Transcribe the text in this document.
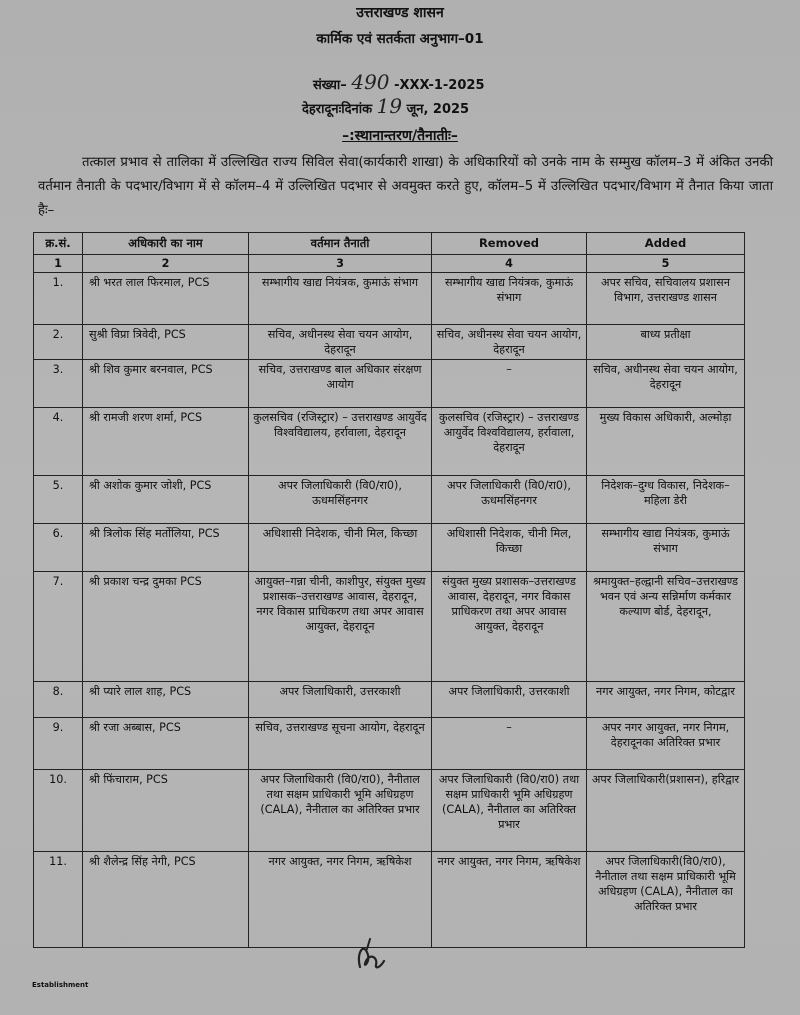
उत्तराखण्ड शासन
कार्मिक एवं सतर्कता अनुभाग–01
संख्या– 490 -XXX-1-2025
देहरादूनःदिनांक 19 जून, 2025
–:स्थानान्तरण/तैनातीः–
तत्काल प्रभाव से तालिका में उल्लिखित राज्य सिविल सेवा(कार्यकारी शाखा) के अधिकारियों को उनके नाम के सम्मुख कॉलम–3 में अंकित उनकी वर्तमान तैनाती के पदभार/विभाग में से कॉलम–4 में उल्लिखित पदभार से अवमुक्त करते हुए, कॉलम–5 में उल्लिखित पदभार/विभाग में तैनात किया जाता हैः–
क्र.सं.	अधिकारी का नाम	वर्तमान तैनाती	Removed	Added
1	2	3	4	5
1.	श्री भरत लाल फिरमाल, PCS	सम्भागीय खाद्य नियंत्रक, कुमाऊं संभाग	सम्भागीय खाद्य नियंत्रक, कुमाऊं संभाग	अपर सचिव, सचिवालय प्रशासन विभाग, उत्तराखण्ड शासन
2.	सुश्री विप्रा त्रिवेदी, PCS	सचिव, अधीनस्थ सेवा चयन आयोग, देहरादून	सचिव, अधीनस्थ सेवा चयन आयोग, देहरादून	बाध्य प्रतीक्षा
3.	श्री शिव कुमार बरनवाल, PCS	सचिव, उत्तराखण्ड बाल अधिकार संरक्षण आयोग	–	सचिव, अधीनस्थ सेवा चयन आयोग, देहरादून
4.	श्री रामजी शरण शर्मा, PCS	कुलसचिव (रजिस्ट्रार) – उत्तराखण्ड आयुर्वेद विश्वविद्यालय, हर्रावाला, देहरादून	कुलसचिव (रजिस्ट्रार) – उत्तराखण्ड आयुर्वेद विश्वविद्यालय, हर्रावाला, देहरादून	मुख्य विकास अधिकारी, अल्मोड़ा
5.	श्री अशोक कुमार जोशी, PCS	अपर जिलाधिकारी (वि0/रा0), ऊधमसिंहनगर	अपर जिलाधिकारी (वि0/रा0), ऊधमसिंहनगर	निदेशक–दुग्ध विकास, निदेशक–महिला डेरी
6.	श्री त्रिलोक सिंह मर्तोलिया, PCS	अधिशासी निदेशक, चीनी मिल, किच्छा	अधिशासी निदेशक, चीनी मिल, किच्छा	सम्भागीय खाद्य नियंत्रक, कुमाऊं संभाग
7.	श्री प्रकाश चन्द्र दुमका PCS	आयुक्त–गन्ना चीनी, काशीपुर, संयुक्त मुख्य प्रशासक–उत्तराखण्ड आवास, देहरादून, नगर विकास प्राधिकरण तथा अपर आवास आयुक्त, देहरादून	संयुक्त मुख्य प्रशासक–उत्तराखण्ड आवास, देहरादून, नगर विकास प्राधिकरण तथा अपर आवास आयुक्त, देहरादून	श्रमायुक्त–हल्द्वानी सचिव–उत्तराखण्ड भवन एवं अन्य सन्निर्माण कर्मकार कल्याण बोर्ड, देहरादून,
8.	श्री प्यारे लाल शाह, PCS	अपर जिलाधिकारी, उत्तरकाशी	अपर जिलाधिकारी, उत्तरकाशी	नगर आयुक्त, नगर निगम, कोटद्वार
9.	श्री रजा अब्बास, PCS	सचिव, उत्तराखण्ड सूचना आयोग, देहरादून	–	अपर नगर आयुक्त, नगर निगम, देहरादूनका अतिरिक्त प्रभार
10.	श्री फिंचाराम, PCS	अपर जिलाधिकारी (वि0/रा0), नैनीताल तथा सक्षम प्राधिकारी भूमि अधिग्रहण (CALA), नैनीताल का अतिरिक्त प्रभार	अपर जिलाधिकारी (वि0/रा0) तथा सक्षम प्राधिकारी भूमि अधिग्रहण (CALA), नैनीताल का अतिरिक्त प्रभार	अपर जिलाधिकारी(प्रशासन), हरिद्वार
11.	श्री शैलेन्द्र सिंह नेगी, PCS	नगर आयुक्त, नगर निगम, ऋषिकेश	नगर आयुक्त, नगर निगम, ऋषिकेश	अपर जिलाधिकारी(वि0/रा0), नैनीताल तथा सक्षम प्राधिकारी भूमि अधिग्रहण (CALA), नैनीताल का अतिरिक्त प्रभार
Establishment
